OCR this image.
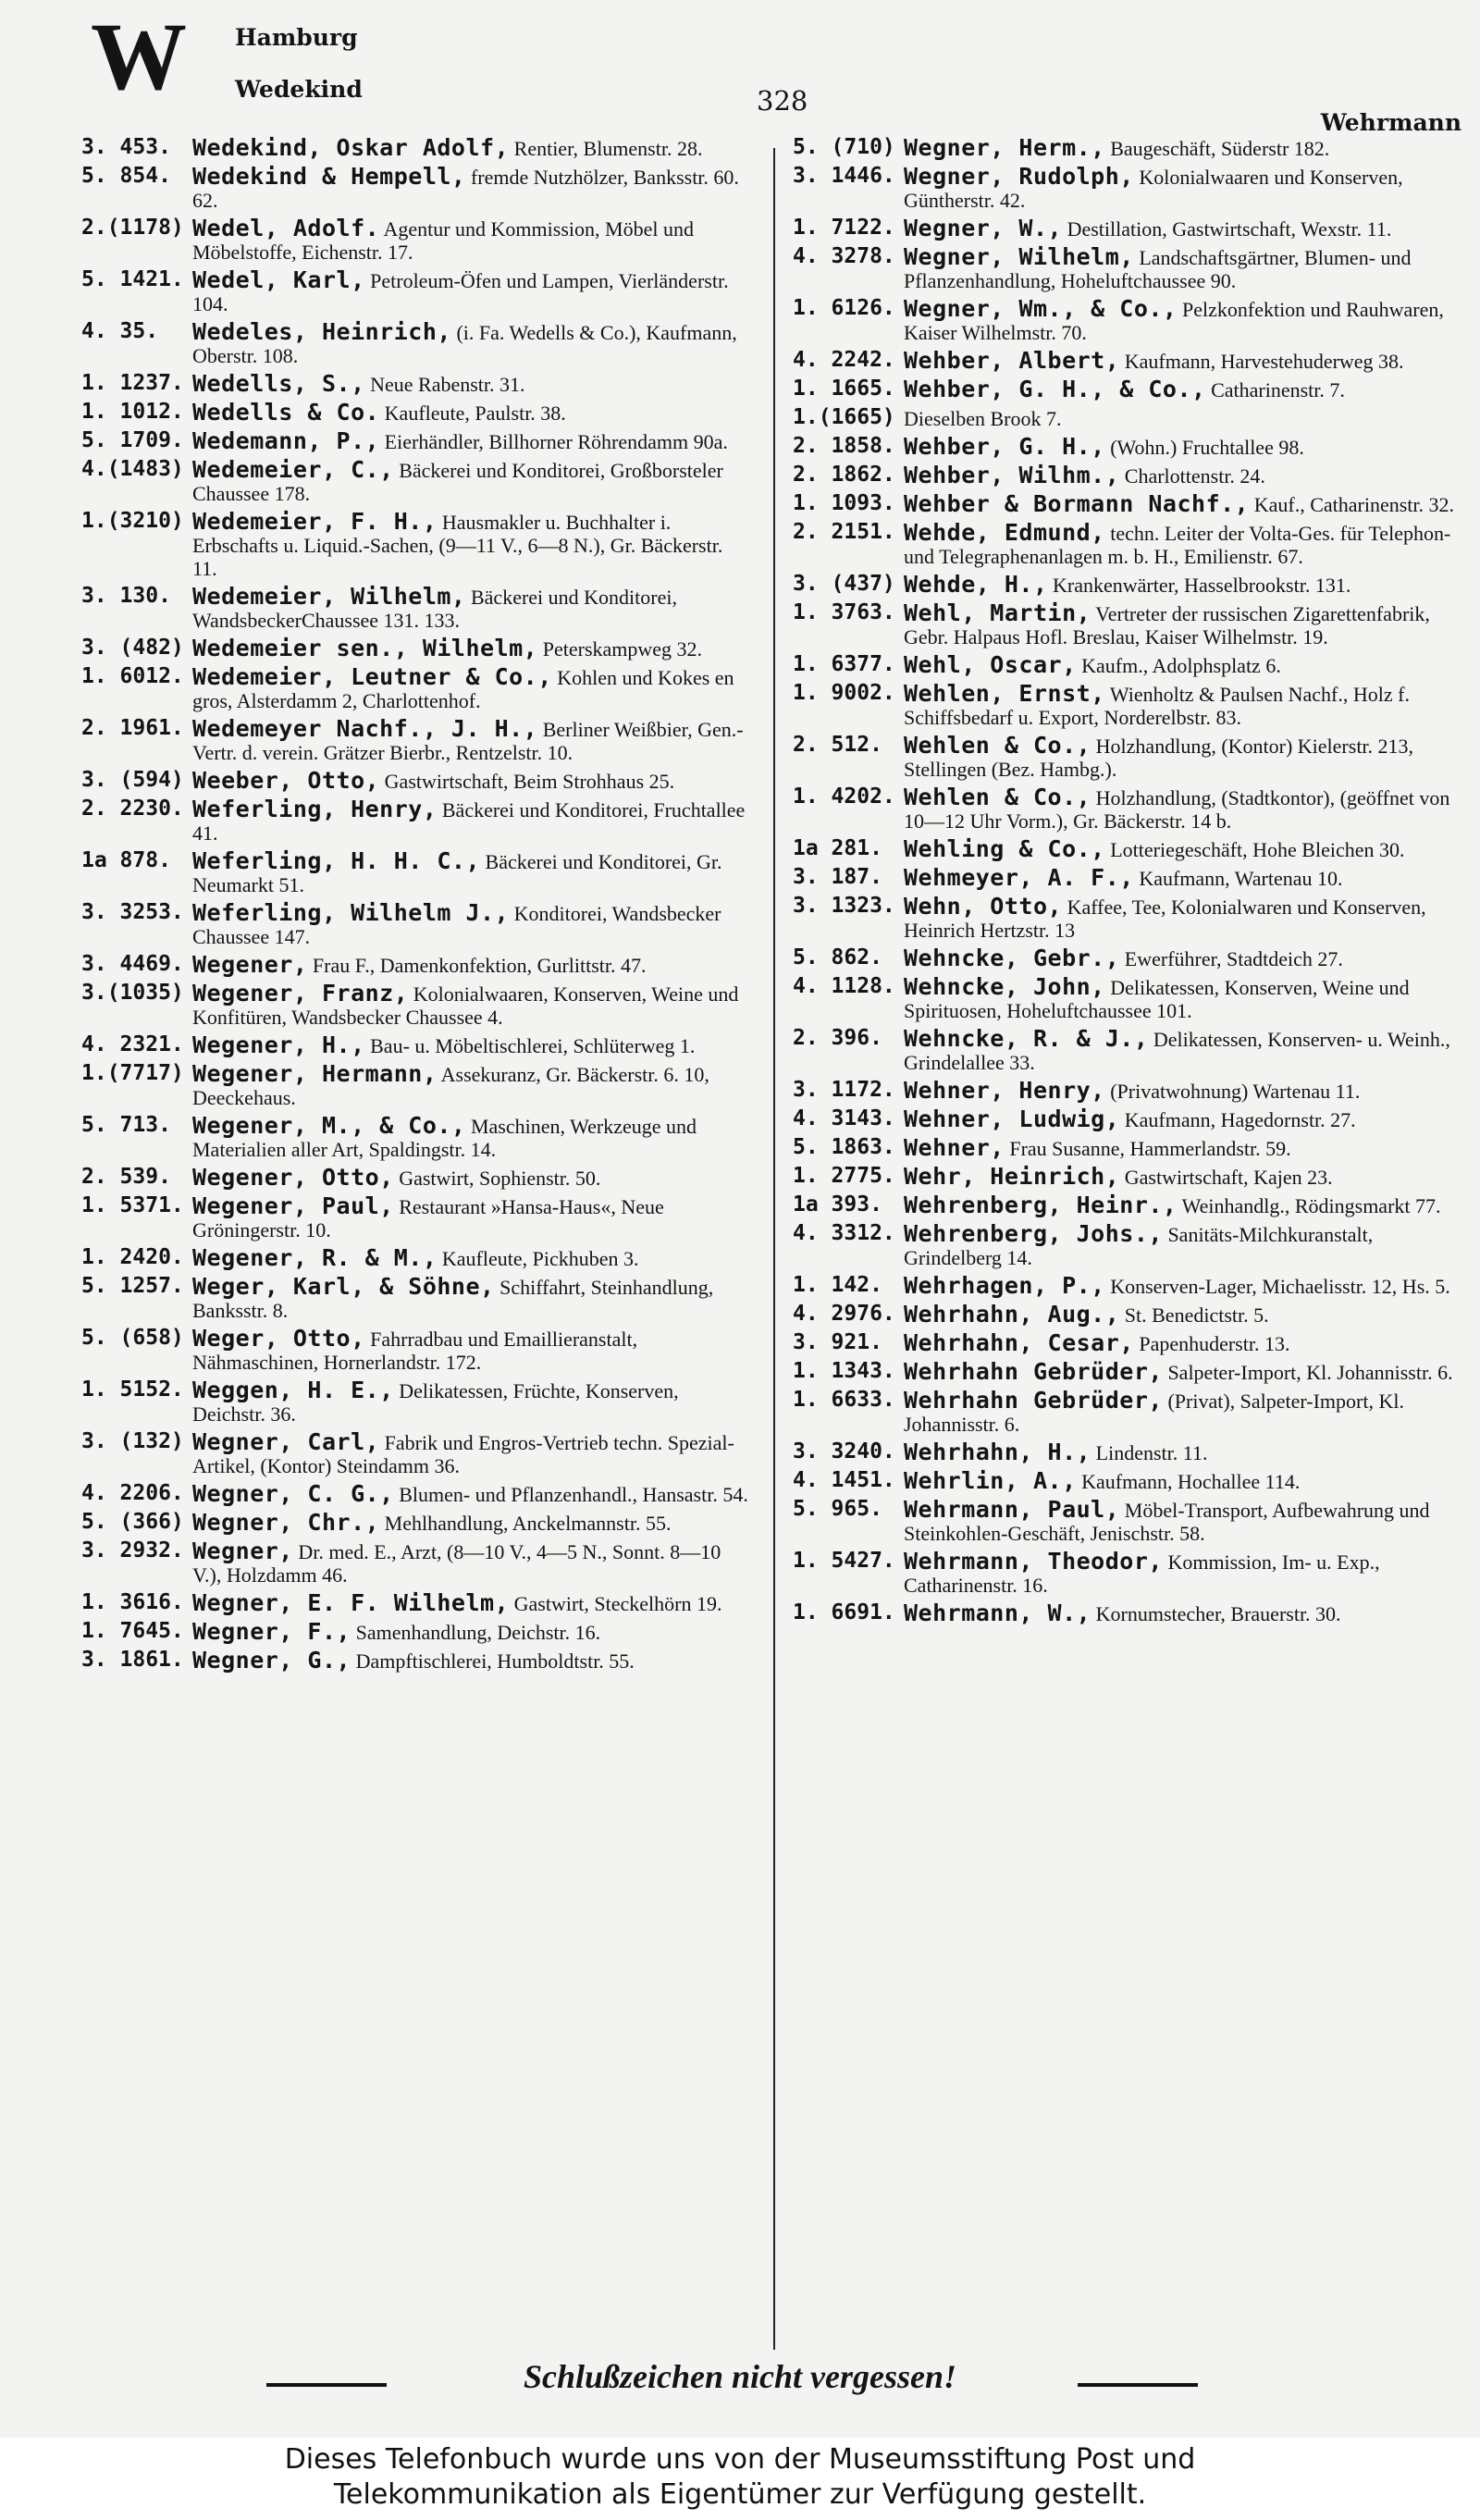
W Hamburg
Wedekind	328
Wehrmann
3. 453. Wedekind, Oskar Adolf, Rentier, Blumenstr. 28.
5. 854. Wedekind & Hempell, fremde Nutzhölzer, Banksstr. 60. 62.
2.(1178) Wedel, Adolf. Agentur und Kommission, Möbel und Möbelstoffe, Eichenstr. 17.
5. 1421. Wedel, Karl, Petroleum-Öfen und Lampen, Vierländerstr. 104.
4. 35.	Wedeles, Heinrich, (i. Fa. Wedells & Co.), Kaufmann, Oberstr. 108.
1. 1237. Wedells, S., Neue Rabenstr. 31.
1. 1012. Wedells & Co. Kaufleute, Paulstr. 38.
5. 1709. Wedemann, P., Eierhändler, Billhorner Röhrendamm 90a.
4.(1483) Wedemeier, C., Bäckerei und Konditorei, Großborsteler Chaussee 178.
1.(3210) Wedemeier, F. H., Hausmakler u. Buchhalter i. Erbschafts u. Liquid.-Sachen, (9—11 V., 6—8 N.), Gr. Bäckerstr. 11.
3. 130. Wedemeier, Wilhelm, Bäckerei und Konditorei, WandsbeckerChaussee 131. 133.
3. (482) Wedemeier sen., Wilhelm, Peterskampweg 32.
1. 6012. Wedemeier, Leutner & Co., Kohlen und Kokes en gros, Alsterdamm 2, Charlottenhof.
2. 1961. Wedemeyer Nachf., J. H., Berliner Weißbier, Gen.-Vertr. d. verein. Grätzer Bierbr., Rentzelstr. 10.
3. (594) Weeber, Otto, Gastwirtschaft, Beim Strohhaus 25.
2. 2230. Weferling, Henry, Bäckerei und Konditorei, Fruchtallee 41.
1a 878. Weferling, H. H. C., Bäckerei und Konditorei, Gr. Neumarkt 51.
3. 3253. Weferling, Wilhelm J., Konditorei, Wandsbecker Chaussee 147.
3. 4469. Wegener, Frau F., Damenkonfektion, Gurlittstr. 47.
3.(1035) Wegener, Franz, Kolonialwaaren, Konserven, Weine und Konfitüren, Wandsbecker Chaussee 4.
4. 2321. Wegener, H., Bau- u. Möbeltischlerei, Schlüterweg 1.
1.(7717) Wegener, Hermann, Assekuranz, Gr. Bäckerstr. 6. 10, Deeckehaus.
5. 713. Wegener, M., & Co., Maschinen, Werkzeuge und Materialien aller Art, Spaldingstr. 14.
2. 539. Wegener, Otto, Gastwirt, Sophienstr. 50.
1. 5371. Wegener, Paul, Restaurant »Hansa-Haus«, Neue Gröningerstr. 10.
1. 2420. Wegener, R. & M., Kaufleute, Pickhuben 3.
5. 1257. Weger, Karl, & Söhne, Schiffahrt, Steinhandlung, Banksstr. 8.
5. (658) Weger, Otto, Fahrradbau und Emaillieranstalt, Nähmaschinen, Hornerlandstr. 172.
1. 5152. Weggen, H. E., Delikatessen, Früchte, Konserven, Deichstr. 36.
3. (132) Wegner, Carl, Fabrik und Engros-Vertrieb techn. Spezial-Artikel, (Kontor) Steindamm 36.
4. 2206. Wegner, C. G., Blumen- und Pflanzenhandl., Hansastr. 54.
5. (366) Wegner, Chr., Mehlhandlung, Anckelmannstr. 55.
3. 2932. Wegner, Dr. med. E., Arzt, (8—10 V., 4—5 N., Sonnt. 8—10 V.), Holzdamm 46.
1. 3616. Wegner, E. F. Wilhelm, Gastwirt, Steckelhörn 19.
1. 7645. Wegner, F., Samenhandlung, Deichstr. 16.
3. 1861. Wegner, G., Dampftischlerei, Humboldtstr. 55.
5. (710) Wegner, Herm., Baugeschäft, Süderstr 182.
3. 1446. Wegner, Rudolph, Kolonialwaaren und Konserven, Güntherstr. 42.
1. 7122. Wegner, W., Destillation, Gastwirtschaft, Wexstr. 11.
4. 3278. Wegner, Wilhelm, Landschaftsgärtner, Blumen- und Pflanzenhandlung, Hoheluftchaussee 90.
1. 6126. Wegner, Wm., & Co., Pelzkonfektion und Rauhwaren, Kaiser Wilhelmstr. 70.
4. 2242. Wehber, Albert, Kaufmann, Harvestehuderweg 38.
1. 1665. Wehber, G. H., & Co., Catharinenstr. 7.
1.(1665) Dieselben Brook 7.
2. 1858. Wehber, G. H., (Wohn.) Fruchtallee 98.
2. 1862. Wehber, Wilhm., Charlottenstr. 24.
1. 1093. Wehber & Bormann Nachf., Kauf., Catharinenstr. 32.
2. 2151. Wehde, Edmund, techn. Leiter der Volta-Ges. für Telephon- und Telegraphenanlagen m. b. H., Emilienstr. 67.
3. (437) Wehde, H., Krankenwärter, Hasselbrookstr. 131.
1. 3763. Wehl, Martin, Vertreter der russischen Zigarettenfabrik, Gebr. Halpaus Hofl. Breslau, Kaiser Wilhelmstr. 19.
1. 6377. Wehl, Oscar, Kaufm., Adolphsplatz 6.
1. 9002. Wehlen, Ernst, Wienholtz & Paulsen Nachf., Holz f. Schiffsbedarf u. Export, Norderelbstr. 83.
2. 512. Wehlen & Co., Holzhandlung, (Kontor) Kielerstr. 213, Stellingen (Bez. Hambg.).
1. 4202. Wehlen & Co., Holzhandlung, (Stadtkontor), (geöffnet von 10—12 Uhr Vorm.), Gr. Bäckerstr. 14 b.
1a 281. Wehling & Co., Lotteriegeschäft, Hohe Bleichen 30.
3. 187. Wehmeyer, A. F., Kaufmann, Wartenau 10.
3. 1323. Wehn, Otto, Kaffee, Tee, Kolonialwaren und Konserven, Heinrich Hertzstr. 13
5. 862. Wehncke, Gebr., Ewerführer, Stadtdeich 27.
4. 1128. Wehncke, John, Delikatessen, Konserven, Weine und Spirituosen, Hoheluftchaussee 101.
2. 396. Wehncke, R. & J., Delikatessen, Konserven- u. Weinh., Grindelallee 33.
3. 1172. Wehner, Henry, (Privatwohnung) Wartenau 11.
4. 3143. Wehner, Ludwig, Kaufmann, Hagedornstr. 27.
5. 1863. Wehner, Frau Susanne, Hammerlandstr. 59.
1. 2775. Wehr, Heinrich, Gastwirtschaft, Kajen 23.
1a 393. Wehrenberg, Heinr., Weinhandlg., Rödingsmarkt 77.
4. 3312. Wehrenberg, Johs., Sanitäts-Milchkuranstalt, Grindelberg 14.
1. 142. Wehrhagen, P., Konserven-Lager, Michaelisstr. 12, Hs. 5.
4. 2976. Wehrhahn, Aug., St. Benedictstr. 5.
3. 921. Wehrhahn, Cesar, Papenhuderstr. 13.
1. 1343. Wehrhahn Gebrüder, Salpeter-Import, Kl. Johannisstr. 6.
1. 6633. Wehrhahn Gebrüder, (Privat), Salpeter-Import, Kl. Johannisstr. 6.
3. 3240. Wehrhahn, H., Lindenstr. 11.
4. 1451. Wehrlin, A., Kaufmann, Hochallee 114.
5. 965. Wehrmann, Paul, Möbel-Transport, Aufbewahrung und Steinkohlen-Geschäft, Jenischstr. 58.
1. 5427. Wehrmann, Theodor, Kommission, Im- u. Exp., Catharinenstr. 16.
1. 6691. Wehrmann, W., Kornumstecher, Brauerstr. 30.
Schlußzeichen nicht vergessen!
Dieses Telefonbuch wurde uns von der Museumsstiftung Post und
Telekommunikation als Eigentümer zur Verfügung gestellt.
